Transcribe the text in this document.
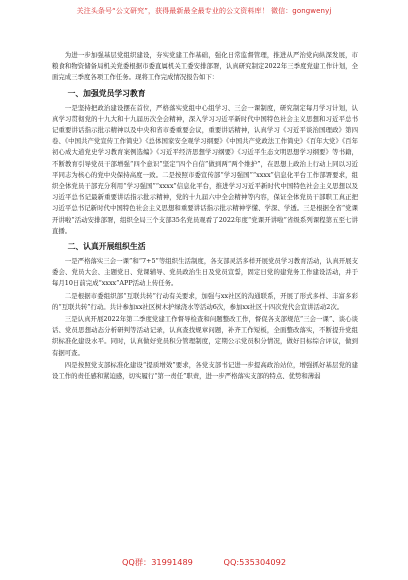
关注头条号“公文研究”，获得最新最全最专业的公文资料库！ 微信：gongwenyj

为进一步加强基层党组织建设，夯实党建工作基础，强化日常监督管理，推进从严治党向纵深发展，市粮食和物资储备局机关党委根据市委直属机关工委安排部署，认真研究制定2022年三季度党建工作计划，全面完成三季度各项工作任务。现将工作完成情况报告如下：

一、加强党员学习教育

一是坚持把政治建设摆在首位，严格落实党组中心组学习、三会一课制度，研究制定每月学习计划，认真学习贯彻党的十九大和十九届历次全会精神，深入学习习近平新时代中国特色社会主义思想和习近平总书记重要讲话指示批示精神以及中央和省市委重要会议，重要讲话精神，认真学习《习近平谈治国理政》第四卷、《中国共产党宣传工作简史》《总体国家安全观学习纲要》《中国共产党政法工作简史》《百年大党》《百年初心成大道党史学习教育案例选编》《习近平经济思想学习纲要》《习近平生态文明思想学习纲要》等书籍，不断教育引导党员干部增强“四个意识”坚定“四个自信”做到两“两个维护”，在思想上政治上行动上同以习近平同志为核心的党中央保持高度一致。二是按照市委宣传部“学习强国”“xxxx”信息化平台工作部署要求，组织全体党员干部充分利用“学习强国”“xxxx”信息化平台，推进学习习近平新时代中国特色社会主义思想以及习近平总书记最新重要讲话指示批示精神，党的十九届六中全会精神等内容，保证全体党员干部职工真正把习近平总书记新时代中国特色社会主义思想和重要讲话指示批示精神学懂、学深、学透。三是根据全省“党课开讲啦”活动安排部署，组织全局三个支部35名党员观看了2022年度“党课开讲啦”省级系列课程第五至七讲直播。

二、认真开展组织生活

一是严格落实三会一课”和“7+5”等组织生活制度，各支部灵活多样开展党员学习教育活动，认真开展支委会、党员大会、主题党日、党课辅导、党员政治生日及党员宣誓，固定日党的建党务工作建设活动，并于每月10日前完成“xxxx”APP活动上传任务。

二是根据市委组织部“互联共转”行动有关要求，加强与xx社区的沟通联系，开展了形式多样、丰富多彩的“互联共转”行动。共计参加xx社区树木护绿浇水等活动6次，参加xx社区十四次党代会宣讲活动2次。

三是认真开展2022年第二季度党建工作督导检查和问题整改工作，督促各支部规范“三会一课”、谈心谈话、党员思想动态分析研判等活动记录，认真查找规章问题，补齐工作短板，全面整改落实，不断提升党组织标准化建设水平。同时，认真做好党员积分管理制度，定期公示党员积分情况，做好目标综合评议，做到有据可查。

四是按照党支部标准化建设“提质增效”要求，各党支部书记进一步提高政治站位，增强抓好基层党的建设工作的责任感和紧迫感，切实履行“第一责任”职责，进一步严格落实支部的特点、优势和薄弱

QQ群：31991489	QQ:535304092
